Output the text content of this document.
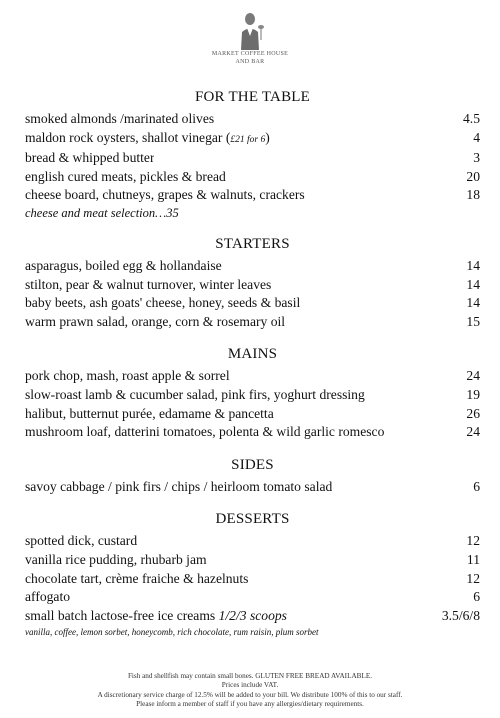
MARKET COFFEE HOUSE
AND BAR
FOR THE TABLE
smoked almonds /marinated olives	4.5
maldon rock oysters, shallot vinegar (£21 for 6)	4
bread & whipped butter	3
english cured meats, pickles & bread	20
cheese board, chutneys, grapes & walnuts, crackers	18
cheese and meat selection…35
STARTERS
asparagus, boiled egg & hollandaise	14
stilton, pear & walnut turnover, winter leaves	14
baby beets, ash goats' cheese, honey, seeds & basil	14
warm prawn salad, orange, corn & rosemary oil	15
MAINS
pork chop, mash, roast apple & sorrel	24
slow-roast lamb & cucumber salad, pink firs, yoghurt dressing	19
halibut, butternut purée, edamame & pancetta	26
mushroom loaf, datterini tomatoes, polenta & wild garlic romesco	24
SIDES
savoy cabbage / pink firs / chips / heirloom tomato salad	6
DESSERTS
spotted dick, custard	12
vanilla rice pudding, rhubarb jam	11
chocolate tart, crème fraiche & hazelnuts	12
affogato	6
small batch lactose-free ice creams 1/2/3 scoops	3.5/6/8
vanilla, coffee, lemon sorbet, honeycomb, rich chocolate, rum raisin, plum sorbet
Fish and shellfish may contain small bones. GLUTEN FREE BREAD AVAILABLE.
Prices include VAT.
A discretionary service charge of 12.5% will be added to your bill. We distribute 100% of this to our staff.
Please inform a member of staff if you have any allergies/dietary requirements.
